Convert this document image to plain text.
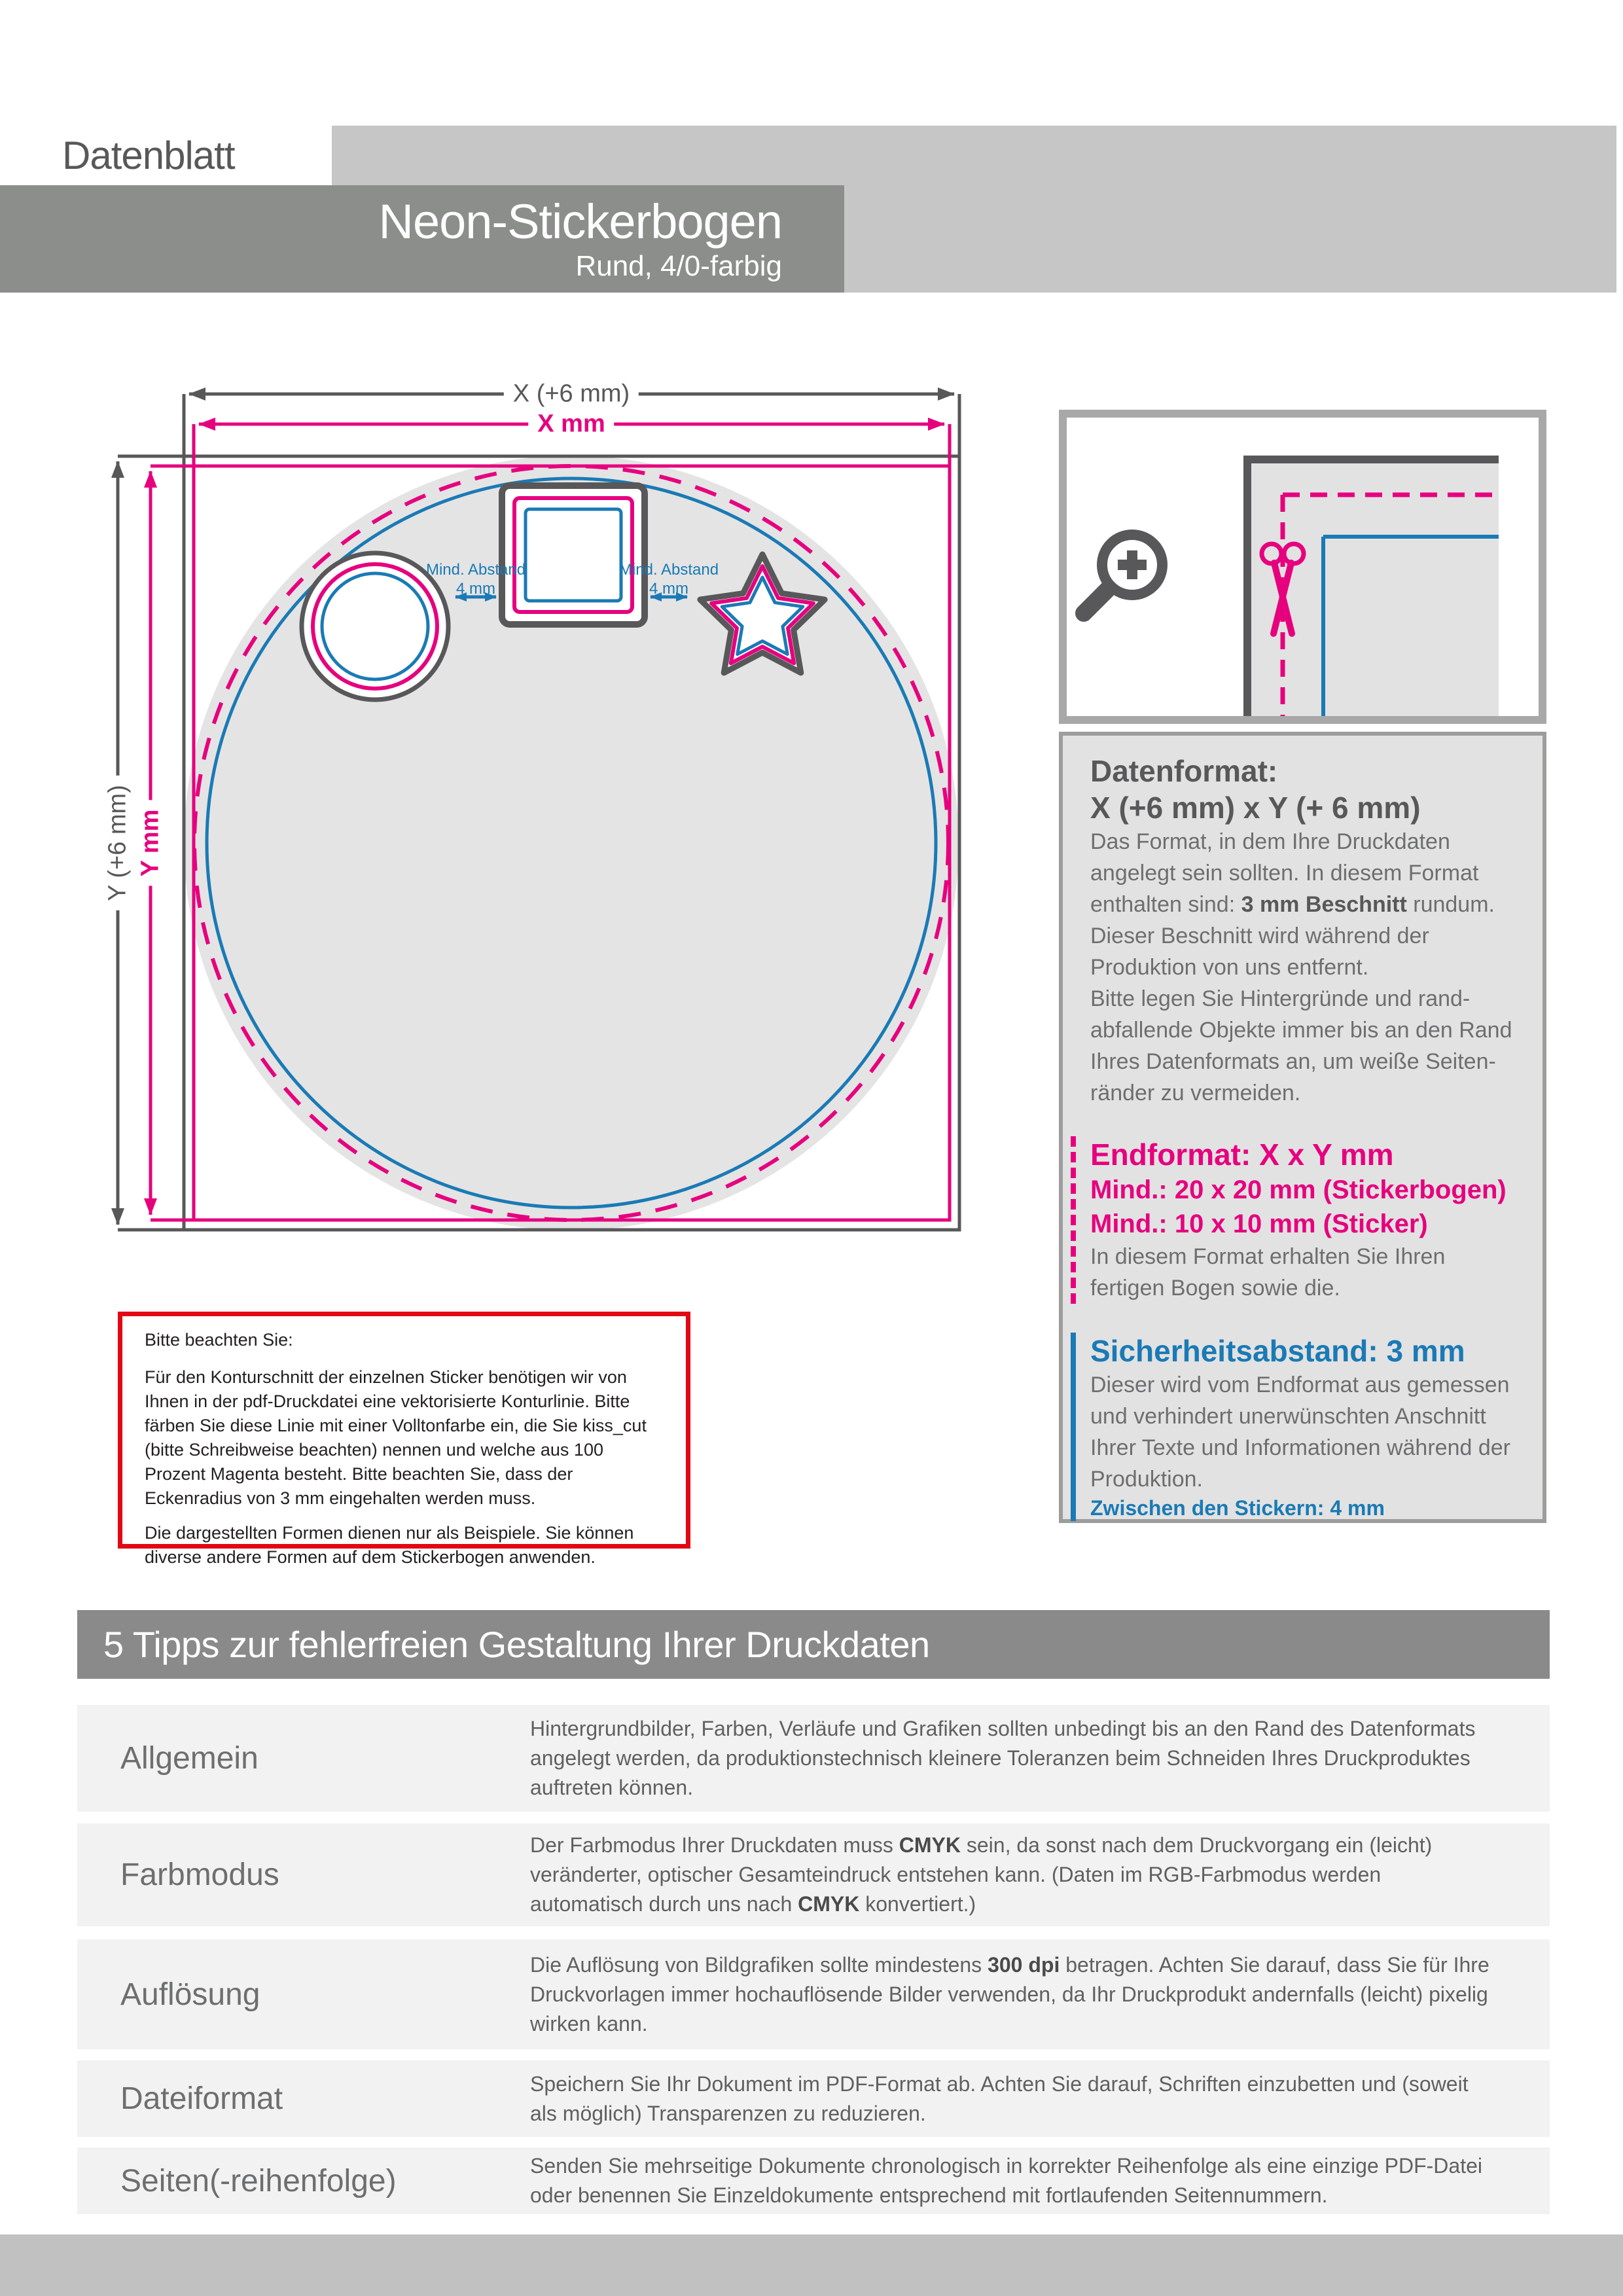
Datenblatt
Neon-Stickerbogen
Rund, 4/0-farbig
X (+6 mm)
X mm
Y (+6 mm) Y mm
Mind. Abstand
4 mm
Mind. Abstand
4 mm
Datenformat:
X (+6 mm) x Y (+ 6 mm)

Das Format, in dem Ihre Druckdaten angelegt sein sollten. In diesem Format enthalten sind: 3 mm Beschnitt rundum.

Dieser Beschnitt wird während der Produktion von uns entfernt.

Bitte legen Sie Hintergründe und rand- abfallende Objekte immer bis an den Rand Ihres Datenformats an, um weiße Seiten- ränder zu vermeiden.

Endformat: X x Y mm
Mind.: 20 x 20 mm (Stickerbogen)
Mind.: 10 x 10 mm (Sticker)

In diesem Format erhalten Sie Ihren fertigen Bogen sowie die.

Sicherheitsabstand: 3 mm

Dieser wird vom Endformat aus gemessen und verhindert unerwünschten Anschnitt Ihrer Texte und Informationen während der Produktion.

Zwischen den Stickern: 4 mm

Bitte beachten Sie:

Für den Konturschnitt der einzelnen Sticker benötigen wir von Ihnen in der pdf-Druckdatei eine vektorisierte Konturlinie. Bitte färben Sie diese Linie mit einer Volltonfarbe ein, die Sie kiss_cut (bitte Schreibweise beachten) nennen und welche aus 100 Prozent Magenta besteht. Bitte beachten Sie, dass der Eckenradius von 3 mm eingehalten werden muss.

Die dargestellten Formen dienen nur als Beispiele. Sie können diverse andere Formen auf dem Stickerbogen anwenden.

5 Tipps zur fehlerfreien Gestaltung Ihrer Druckdaten
Allgemein
Hintergrundbilder, Farben, Verläufe und Grafiken sollten unbedingt bis an den Rand des Datenformats angelegt werden, da produktionstechnisch kleinere Toleranzen beim Schneiden Ihres Druckproduktes auftreten können.
Farbmodus
Der Farbmodus Ihrer Druckdaten muss CMYK sein, da sonst nach dem Druckvorgang ein (leicht) veränderter, optischer Gesamteindruck entstehen kann. (Daten im RGB-Farbmodus werden automatisch durch uns nach CMYK konvertiert.)
Auflösung
Die Auflösung von Bildgrafiken sollte mindestens 300 dpi betragen. Achten Sie darauf, dass Sie für Ihre Druckvorlagen immer hochauflösende Bilder verwenden, da Ihr Druckprodukt andernfalls (leicht) pixelig wirken kann.
Dateiformat	Speichern Sie Ihr Dokument im PDF-Format ab. Achten Sie darauf, Schriften einzubetten und (soweit als möglich) Transparenzen zu reduzieren.
Seiten(-reihenfolge)	Senden Sie mehrseitige Dokumente chronologisch in korrekter Reihenfolge als eine einzige PDF-Datei oder benennen Sie Einzeldokumente entsprechend mit fortlaufenden Seitennummern.
